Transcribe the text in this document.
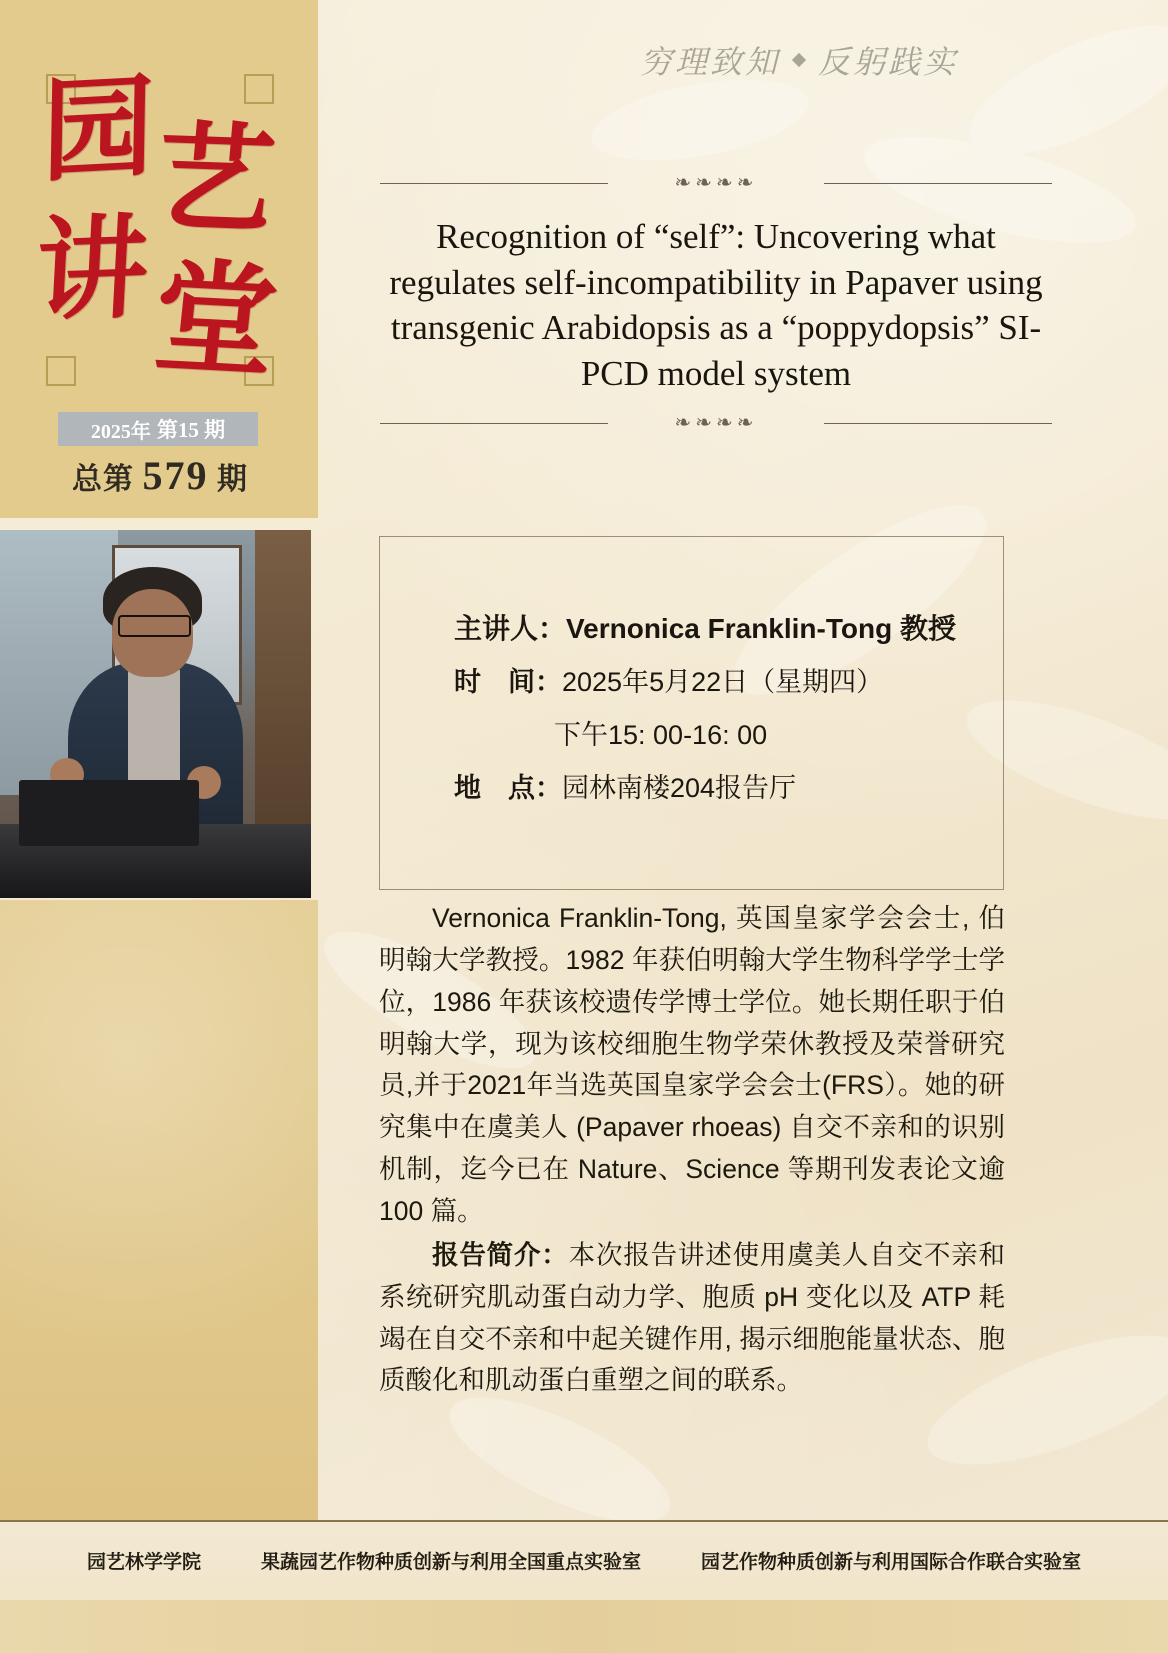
园
艺
讲
堂
2025年 第15 期
总第 579 期
穷理致知 反躬践实
❧❧❧❧
Recognition of “self”: Uncovering what regulates self-incompatibility in Papaver using transgenic Arabidopsis as a “poppydopsis” SI-PCD model system
❧❧❧❧
主讲人： Vernonica Franklin-Tong 教授
时　间： 2025年5月22日（星期四）
下午15: 00-16: 00
地　点： 园林南楼204报告厅

Vernonica Franklin-Tong, 英国皇家学会会士, 伯明翰大学教授。1982 年获伯明翰大学生物科学学士学位，1986 年获该校遗传学博士学位。她长期任职于伯明翰大学，现为该校细胞生物学荣休教授及荣誉研究员,并于2021年当选英国皇家学会会士(FRS）。她的研究集中在虞美人 (Papaver rhoeas) 自交不亲和的识别机制，迄今已在 Nature、Science 等期刊发表论文逾 100 篇。

报告简介：本次报告讲述使用虞美人自交不亲和系统研究肌动蛋白动力学、胞质 pH 变化以及 ATP 耗竭在自交不亲和中起关键作用, 揭示细胞能量状态、胞质酸化和肌动蛋白重塑之间的联系。

园艺林学学院	果蔬园艺作物种质创新与利用全国重点实验室	园艺作物种质创新与利用国际合作联合实验室
